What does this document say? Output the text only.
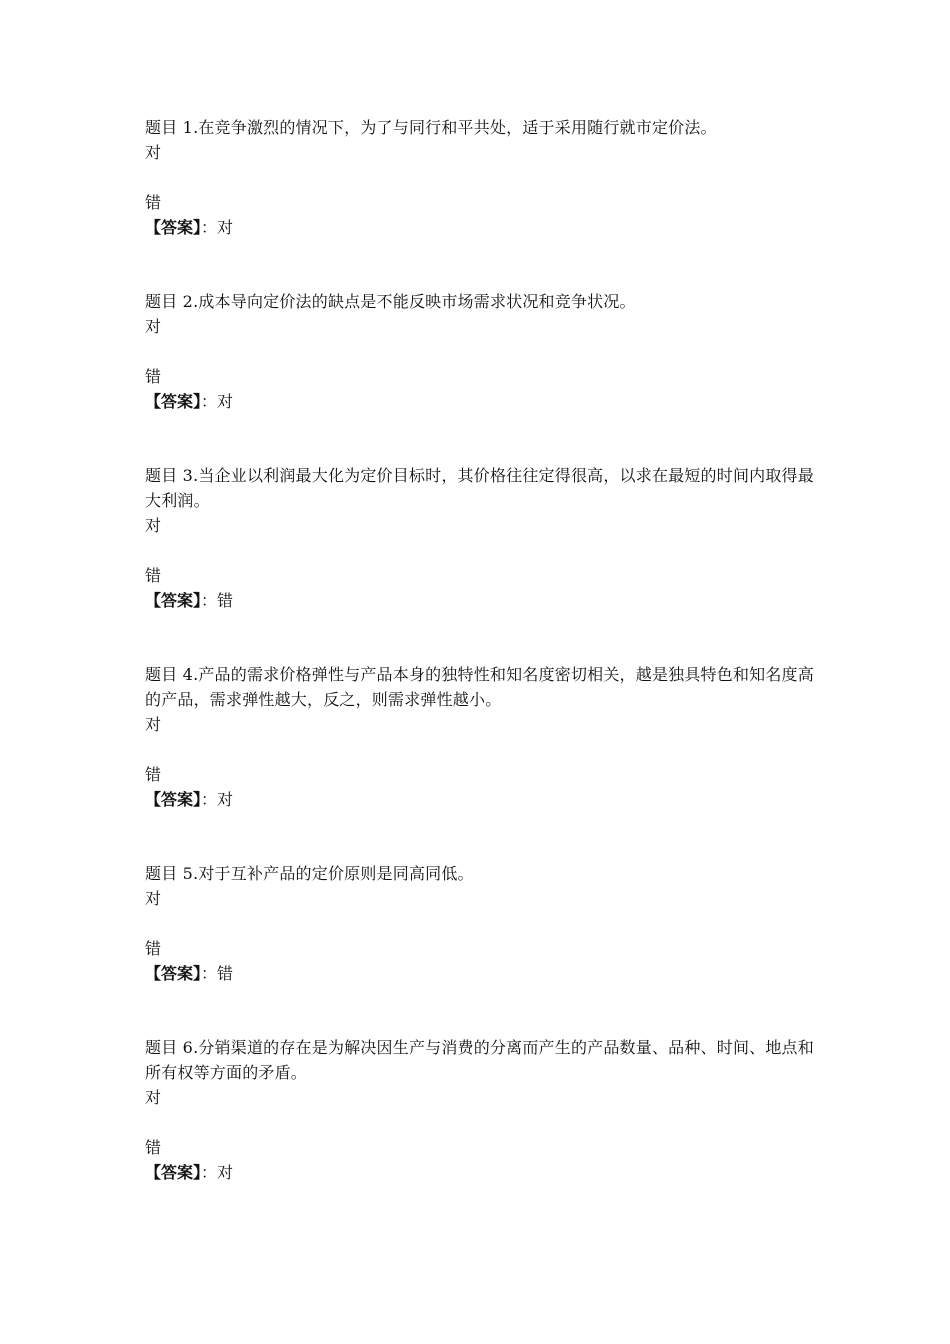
题目 1.在竞争激烈的情况下，为了与同行和平共处，适于采用随行就市定价法。

对

错

【答案】：对

题目 2.成本导向定价法的缺点是不能反映市场需求状况和竞争状况。

对

错

【答案】：对

题目 3.当企业以利润最大化为定价目标时，其价格往往定得很高，以求在最短的时间内取得最大利润。

对

错

【答案】：错

题目 4.产品的需求价格弹性与产品本身的独特性和知名度密切相关，越是独具特色和知名度高的产品，需求弹性越大，反之，则需求弹性越小。

对

错

【答案】：对

题目 5.对于互补产品的定价原则是同高同低。

对

错

【答案】：错

题目 6.分销渠道的存在是为解决因生产与消费的分离而产生的产品数量、品种、时间、地点和所有权等方面的矛盾。

对

错

【答案】：对
